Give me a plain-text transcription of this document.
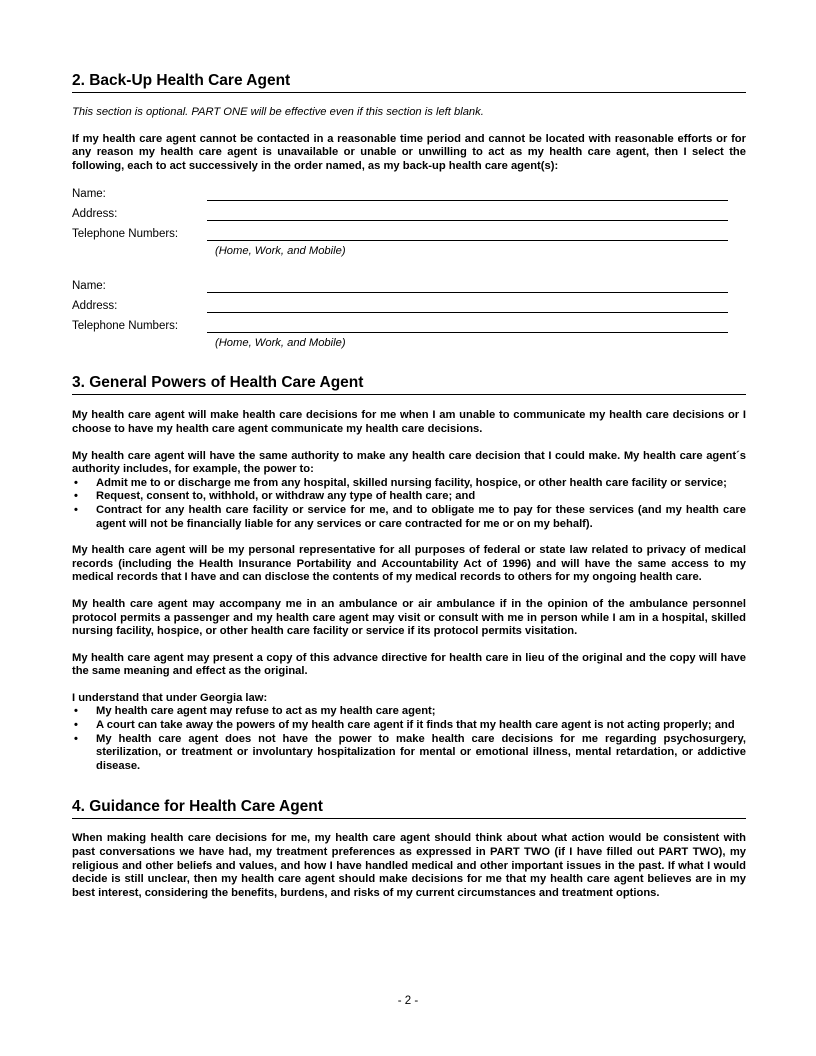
2. Back-Up Health Care Agent

This section is optional. PART ONE will be effective even if this section is left blank.

If my health care agent cannot be contacted in a reasonable time period and cannot be located with reasonable efforts or for any reason my health care agent is unavailable or unable or unwilling to act as my health care agent, then I select the following, each to act successively in the order named, as my back-up health care agent(s):

Name:
Address:
Telephone Numbers:
(Home, Work, and Mobile)
Name:
Address:
Telephone Numbers:
(Home, Work, and Mobile)
3. General Powers of Health Care Agent

My health care agent will make health care decisions for me when I am unable to communicate my health care decisions or I choose to have my health care agent communicate my health care decisions.

My health care agent will have the same authority to make any health care decision that I could make. My health care agent´s authority includes, for example, the power to:

• Admit me to or discharge me from any hospital, skilled nursing facility, hospice, or other health care facility or service;
• Request, consent to, withhold, or withdraw any type of health care; and
• Contract for any health care facility or service for me, and to obligate me to pay for these services (and my health care agent will not be financially liable for any services or care contracted for me or on my behalf).

My health care agent will be my personal representative for all purposes of federal or state law related to privacy of medical records (including the Health Insurance Portability and Accountability Act of 1996) and will have the same access to my medical records that I have and can disclose the contents of my medical records to others for my ongoing health care.

My health care agent may accompany me in an ambulance or air ambulance if in the opinion of the ambulance personnel protocol permits a passenger and my health care agent may visit or consult with me in person while I am in a hospital, skilled nursing facility, hospice, or other health care facility or service if its protocol permits visitation.

My health care agent may present a copy of this advance directive for health care in lieu of the original and the copy will have the same meaning and effect as the original.

I understand that under Georgia law:

• My health care agent may refuse to act as my health care agent;
• A court can take away the powers of my health care agent if it finds that my health care agent is not acting properly; and
• My health care agent does not have the power to make health care decisions for me regarding psychosurgery, sterilization, or treatment or involuntary hospitalization for mental or emotional illness, mental retardation, or addictive disease.
4. Guidance for Health Care Agent

When making health care decisions for me, my health care agent should think about what action would be consistent with past conversations we have had, my treatment preferences as expressed in PART TWO (if I have filled out PART TWO), my religious and other beliefs and values, and how I have handled medical and other important issues in the past. If what I would decide is still unclear, then my health care agent should make decisions for me that my health care agent believes are in my best interest, considering the benefits, burdens, and risks of my current circumstances and treatment options.

- 2 -
